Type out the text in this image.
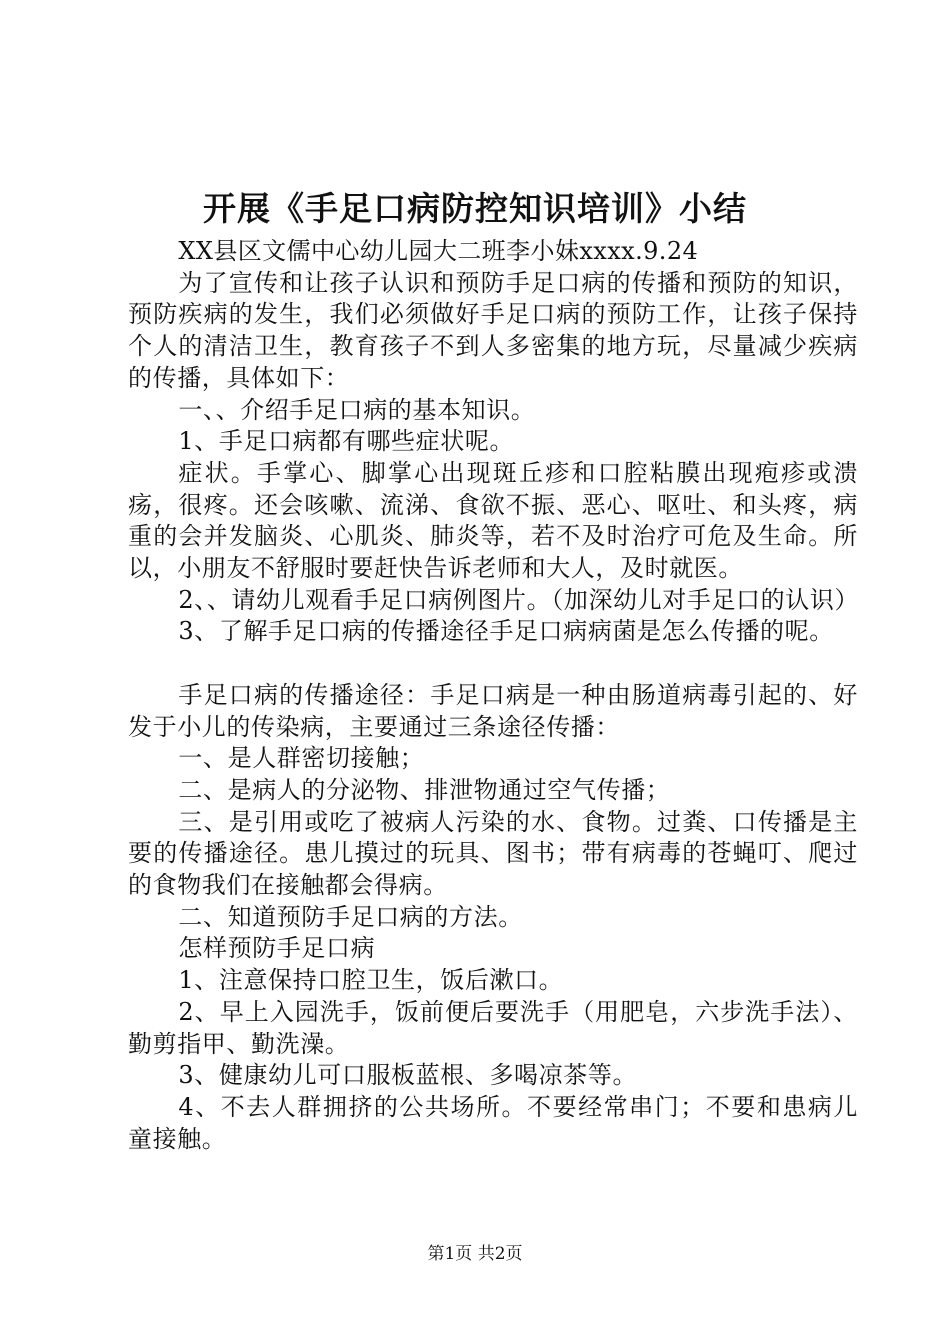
开展《手足口病防控知识培训》小结

XX县区文儒中心幼儿园大二班李小妹xxxx.9.24

为了宣传和让孩子认识和预防手足口病的传播和预防的知识，预防疾病的发生，我们必须做好手足口病的预防工作，让孩子保持个人的清洁卫生，教育孩子不到人多密集的地方玩，尽量减少疾病的传播，具体如下：

一、、介绍手足口病的基本知识。

1、手足口病都有哪些症状呢。

症状。手掌心、脚掌心出现斑丘疹和口腔粘膜出现疱疹或溃疡，很疼。还会咳嗽、流涕、食欲不振、恶心、呕吐、和头疼，病重的会并发脑炎、心肌炎、肺炎等，若不及时治疗可危及生命。所以，小朋友不舒服时要赶快告诉老师和大人，及时就医。

2、、请幼儿观看手足口病例图片。（加深幼儿对手足口的认识）

3、了解手足口病的传播途径手足口病病菌是怎么传播的呢。

手足口病的传播途径：手足口病是一种由肠道病毒引起的、好发于小儿的传染病，主要通过三条途径传播：

一、是人群密切接触；

二、是病人的分泌物、排泄物通过空气传播；

三、是引用或吃了被病人污染的水、食物。过粪、口传播是主要的传播途径。患儿摸过的玩具、图书；带有病毒的苍蝇叮、爬过的食物我们在接触都会得病。

二、知道预防手足口病的方法。

怎样预防手足口病

1、注意保持口腔卫生，饭后漱口。

2、早上入园洗手，饭前便后要洗手（用肥皂，六步洗手法）、勤剪指甲、勤洗澡。

3、健康幼儿可口服板蓝根、多喝凉茶等。

4、不去人群拥挤的公共场所。不要经常串门；不要和患病儿童接触。

第1页 共2页
